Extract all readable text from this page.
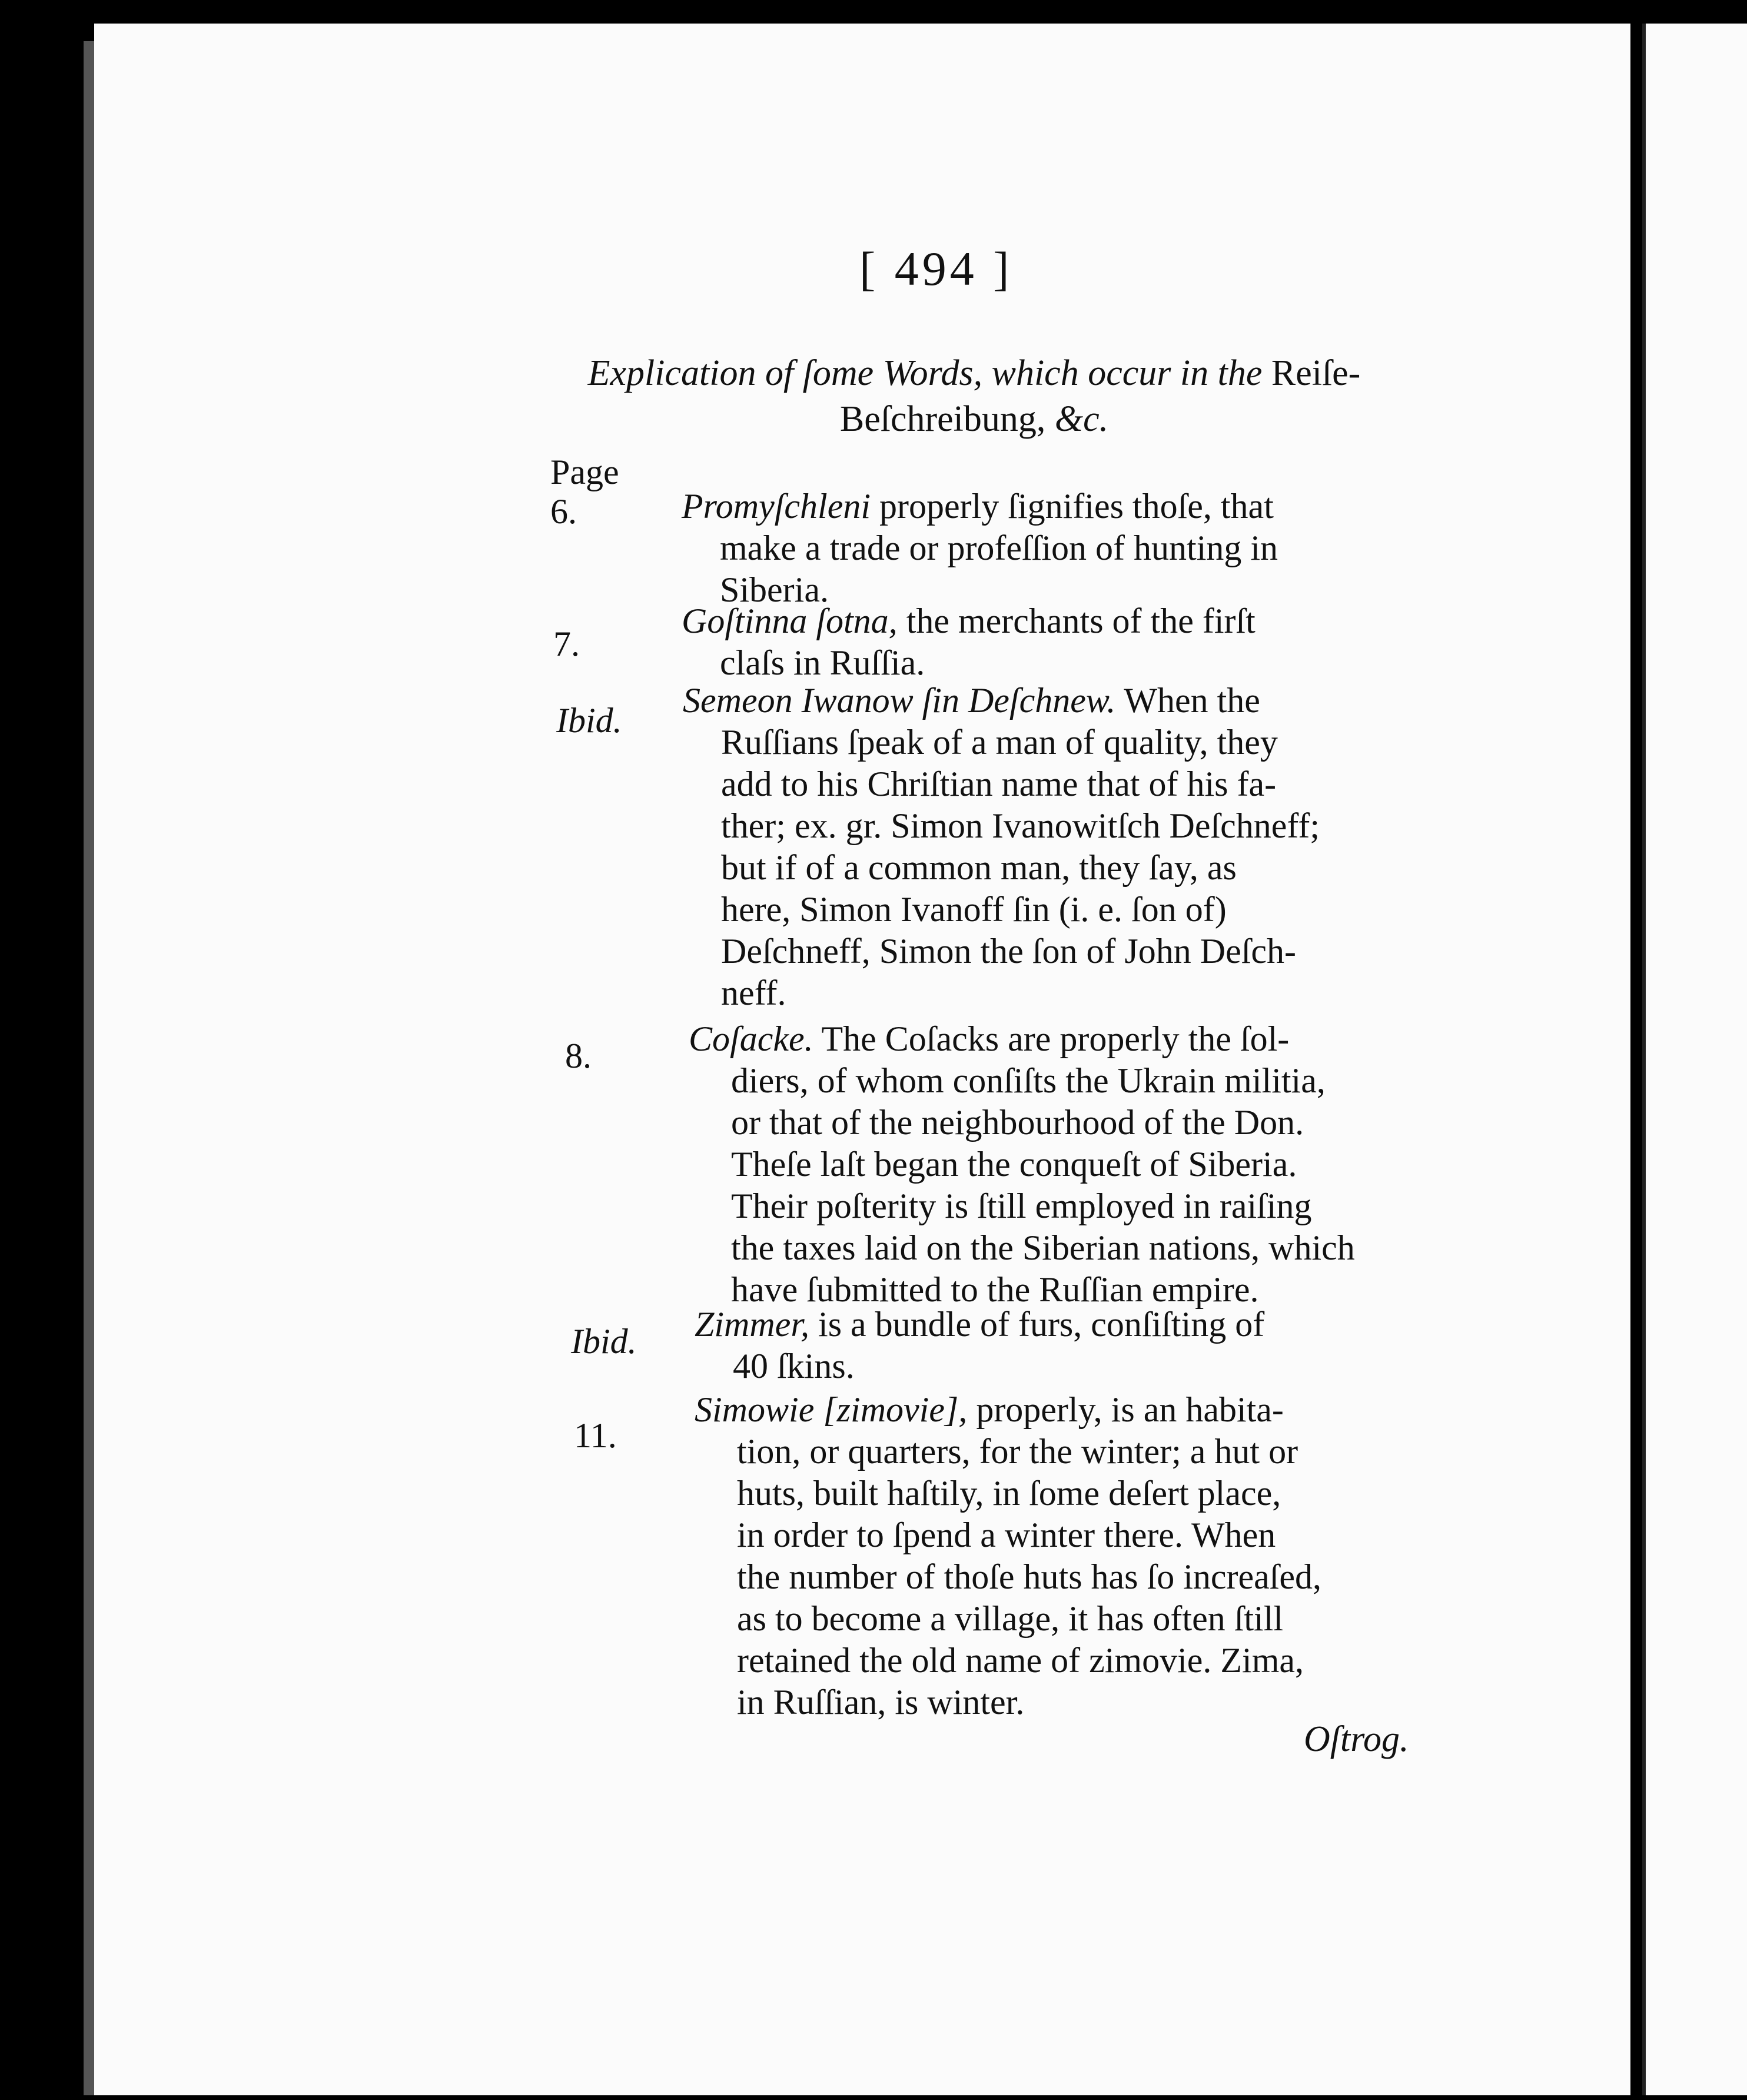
[ 494 ]
Explication of ſome Words, which occur in the Reiſe-Beſchreibung, &c.
Page
6.	Promyſchleni properly ſignifies thoſe, that
make a trade or profeſſion of hunting in
Siberia.
7.
Goſtinna ſotna, the merchants of the firſt
claſs in Ruſſia.
Ibid.
Semeon Iwanow ſin Deſchnew. When the
Ruſſians ſpeak of a man of quality, they
add to his Chriſtian name that of his fa-
ther; ex. gr. Simon Ivanowitſch Deſchneff;
but if of a common man, they ſay, as
here, Simon Ivanoff ſin (i. e. ſon of)
Deſchneff, Simon the ſon of John Deſch-
neff.
8.	Coſacke. The Coſacks are properly the ſol-
diers, of whom conſiſts the Ukrain militia,
or that of the neighbourhood of the Don.
Theſe laſt began the conqueſt of Siberia.
Their poſterity is ſtill employed in raiſing
the taxes laid on the Siberian nations, which
have ſubmitted to the Ruſſian empire.
Ibid. Zimmer, is a bundle of furs, conſiſting of
40 ſkins.
11.
Simowie [zimovie], properly, is an habita-
tion, or quarters, for the winter; a hut or
huts, built haſtily, in ſome deſert place,
in order to ſpend a winter there. When
the number of thoſe huts has ſo increaſed,
as to become a village, it has often ſtill
retained the old name of zimovie. Zima,
in Ruſſian, is winter.
Oſtrog.
